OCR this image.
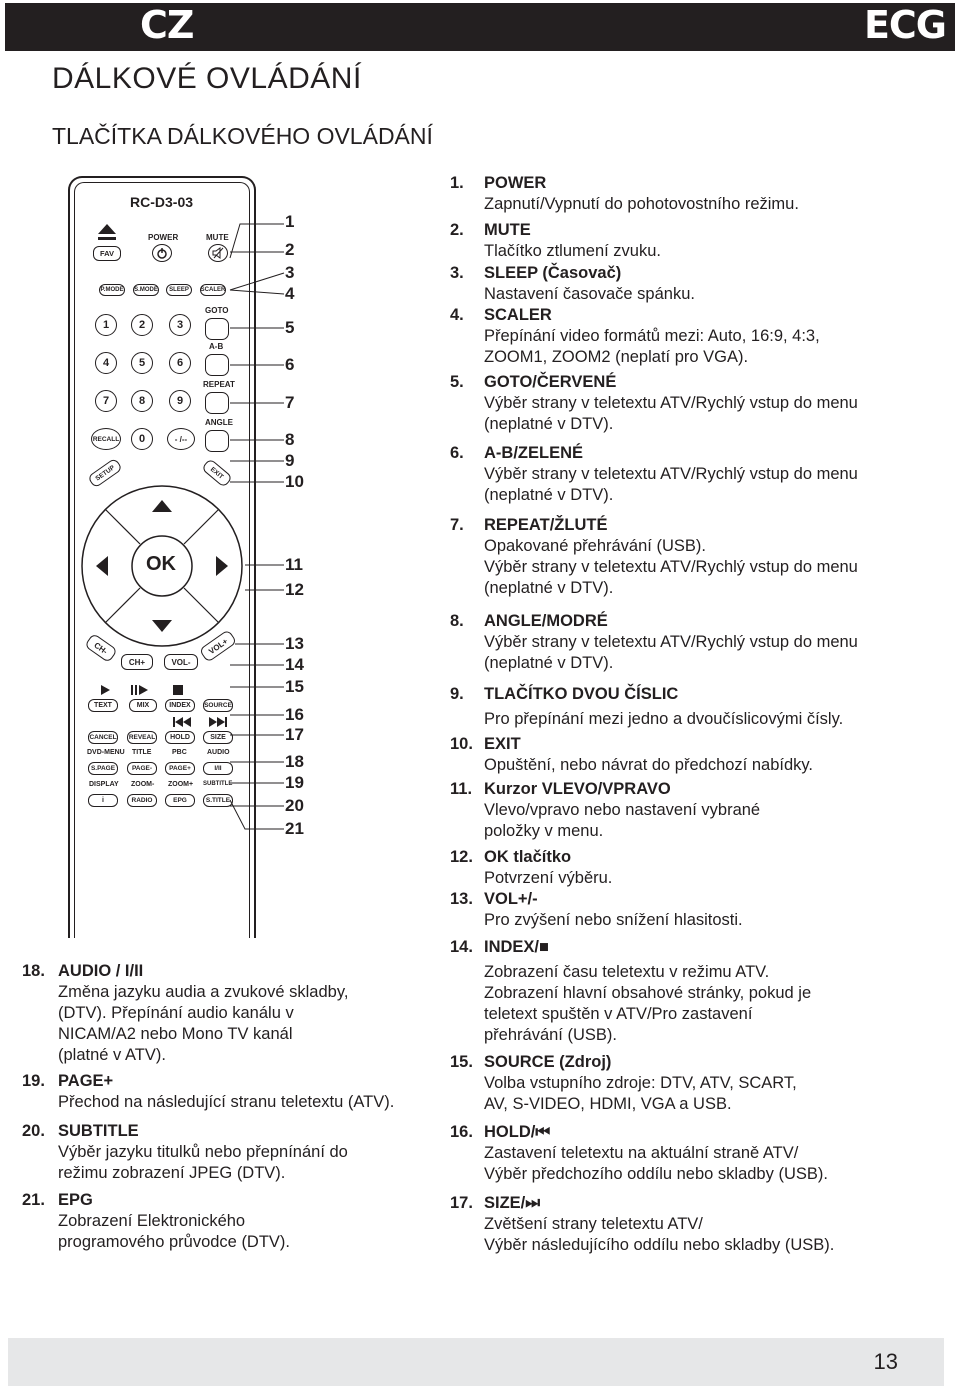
CZ	ECG
DÁLKOVÉ OVLÁDÁNÍ
TLAČÍTKA DÁLKOVÉHO OVLÁDÁNÍ
RC-D3-03
FAV
POWER	MUTE
P.MODE S.MODE	SLEEP	SCALER
GOTO
A-B
REPEAT
ANGLE
1	2	3
4	5	6
7	8	9
RECALL	0	- /--
SETUP	EXIT
OK
CH-
CH+	VOL-
VOL+
TEXT	MIX	INDEX	SOURCE
CANCEL REVEAL	HOLD	SIZE
DVD-MENU TITLE	PBC	AUDIO
S.PAGE	PAGE-	PAGE+	I/II
DISPLAY ZOOM- ZOOM+ SUBTITLE
i	RADIO	EPG	S.TITLE
1
2
3
4
5
6
7
8
9
10
11
12
13
14
15
16
17
18
19
20
21
1. POWER
Zapnutí/Vypnutí do pohotovostního režimu.
2. MUTE
Tlačítko ztlumení zvuku.
3. SLEEP (Časovač)
Nastavení časovače spánku.
4. SCALER
Přepínání video formátů mezi: Auto, 16:9, 4:3,
ZOOM1, ZOOM2 (neplatí pro VGA).
5. GOTO/ČERVENÉ
Výběr strany v teletextu ATV/Rychlý vstup do menu
(neplatné v DTV).
6. A-B/ZELENÉ
Výběr strany v teletextu ATV/Rychlý vstup do menu
(neplatné v DTV).
7. REPEAT/ŽLUTÉ
Opakované přehrávání (USB).
Výběr strany v teletextu ATV/Rychlý vstup do menu
(neplatné v DTV).
8. ANGLE/MODRÉ
Výběr strany v teletextu ATV/Rychlý vstup do menu
(neplatné v DTV).
9. TLAČÍTKO DVOU ČÍSLIC
Pro přepínání mezi jedno a dvoučíslicovými čísly.
10. EXIT
Opuštění, nebo návrat do předchozí nabídky.
11. Kurzor VLEVO/VPRAVO
Vlevo/vpravo nebo nastavení vybrané
položky v menu.
12. OK tlačítko
Potvrzení výběru.
13. VOL+/-
Pro zvýšení nebo snížení hlasitosti.
14. INDEX/■
Zobrazení času teletextu v režimu ATV.
Zobrazení hlavní obsahové stránky, pokud je
teletext spuštěn v ATV/Pro zastavení
přehrávání (USB).
15. SOURCE (Zdroj)
Volba vstupního zdroje: DTV, ATV, SCART,
AV, S-VIDEO, HDMI, VGA a USB.
16. HOLD/⏮
Zastavení teletextu na aktuální straně ATV/
Výběr předchozího oddílu nebo skladby (USB).
17. SIZE/⏭
Zvětšení strany teletextu ATV/
Výběr následujícího oddílu nebo skladby (USB).
18. AUDIO / I/II
Změna jazyku audia a zvukové skladby,
(DTV). Přepínání audio kanálu v
NICAM/A2 nebo Mono TV kanál
(platné v ATV).
19. PAGE+
Přechod na následující stranu teletextu (ATV).
20. SUBTITLE
Výběr jazyku titulků nebo přepnínání do
režimu zobrazení JPEG (DTV).
21. EPG
Zobrazení Elektronického
programového průvodce (DTV).
13
